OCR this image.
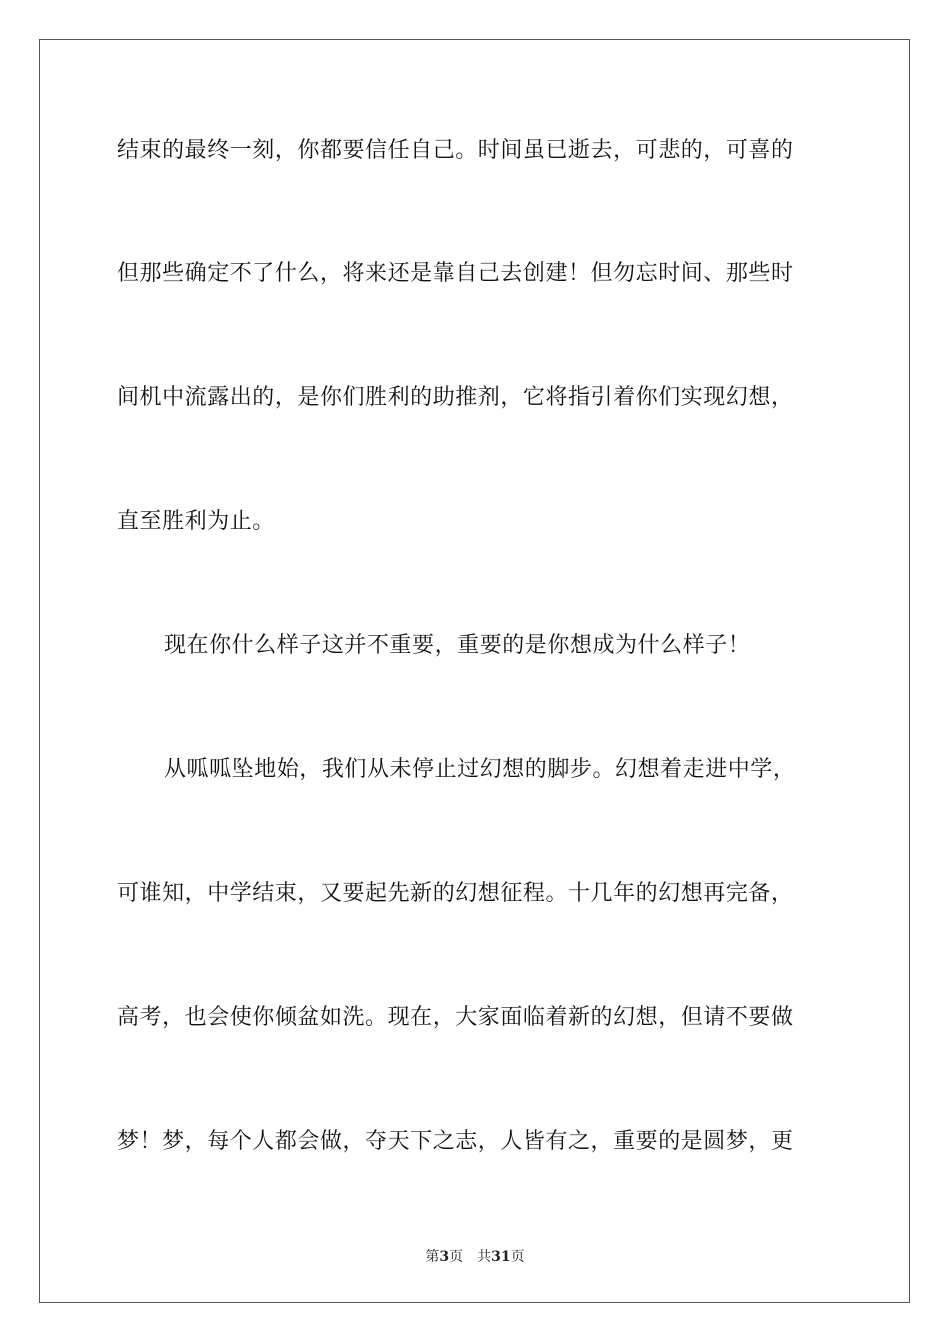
结束的最终一刻，你都要信任自己。时间虽已逝去，可悲的，可喜的
但那些确定不了什么，将来还是靠自己去创建！但勿忘时间、那些时
间机中流露出的，是你们胜利的助推剂，它将指引着你们实现幻想，
直至胜利为止。
现在你什么样子这并不重要，重要的是你想成为什么样子！
从呱呱坠地始，我们从未停止过幻想的脚步。幻想着走进中学，
可谁知，中学结束，又要起先新的幻想征程。十几年的幻想再完备，
高考，也会使你倾盆如洗。现在，大家面临着新的幻想，但请不要做
梦！梦，每个人都会做，夺天下之志，人皆有之，重要的是圆梦，更
第3页 共31页
